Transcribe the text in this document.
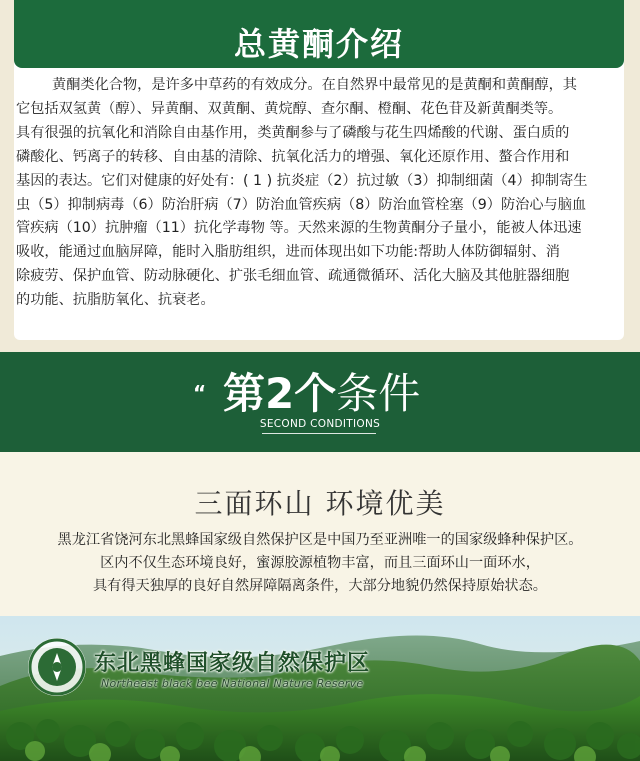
总黄酮介绍
黄酮类化合物，是许多中草药的有效成分。在自然界中最常见的是黄酮和黄酮醇，其
它包括双氢黄（醇）、异黄酮、双黄酮、黄烷醇、查尔酮、橙酮、花色苷及新黄酮类等。
具有很强的抗氧化和消除自由基作用，类黄酮参与了磷酸与花生四烯酸的代谢、蛋白质的
磷酸化、钙离子的转移、自由基的清除、抗氧化活力的增强、氧化还原作用、螯合作用和
基因的表达。它们对健康的好处有：( 1 ) 抗炎症（2）抗过敏（3）抑制细菌（4）抑制寄生
虫（5）抑制病毒（6）防治肝病（7）防治血管疾病（8）防治血管栓塞（9）防治心与脑血
管疾病（10）抗肿瘤（11）抗化学毒物 等。天然来源的生物黄酮分子量小，能被人体迅速
吸收，能通过血脑屏障，能时入脂肪组织，进而体现出如下功能:帮助人体防御辐射、消
除疲劳、保护血管、防动脉硬化、扩张毛细血管、疏通微循环、活化大脑及其他脏器细胞
的功能、抗脂肪氧化、抗衰老。
“ 第2个条件
SECOND CONDITIONS
三面环山 环境优美
黑龙江省饶河东北黑蜂国家级自然保护区是中国乃至亚洲唯一的国家级蜂种保护区。
区内不仅生态环境良好，蜜源胶源植物丰富，而且三面环山一面环水，
具有得天独厚的良好自然屏障隔离条件，大部分地貌仍然保持原始状态。
东北黑蜂国家级自然保护区
Northeast black bee National Nature Reserve
